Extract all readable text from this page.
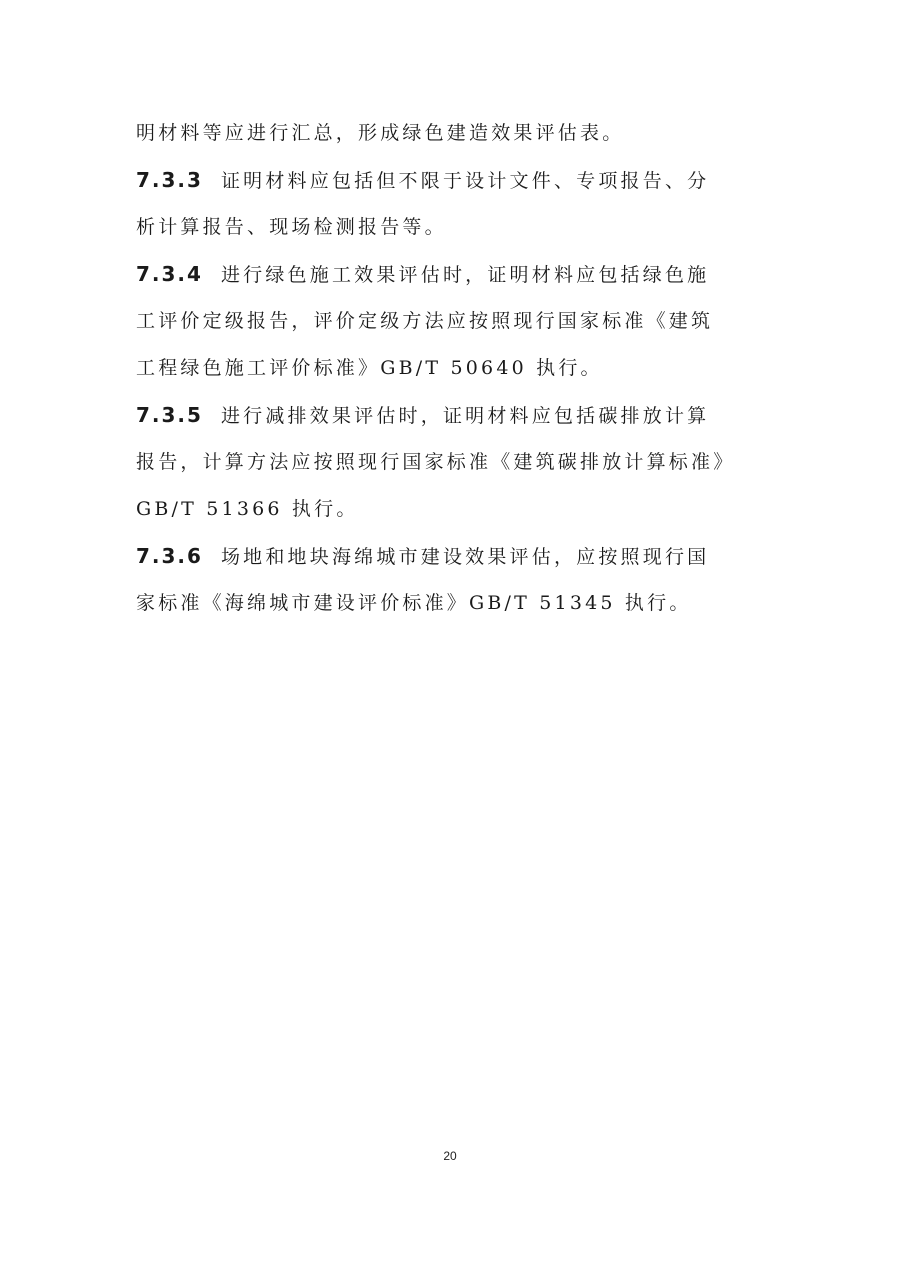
明材料等应进行汇总，形成绿色建造效果评估表。
7.3.3 证明材料应包括但不限于设计文件、专项报告、分
析计算报告、现场检测报告等。
7.3.4 进行绿色施工效果评估时，证明材料应包括绿色施
工评价定级报告，评价定级方法应按照现行国家标准《建筑
工程绿色施工评价标准》GB/T 50640 执行。
7.3.5 进行减排效果评估时，证明材料应包括碳排放计算
报告，计算方法应按照现行国家标准《建筑碳排放计算标准》
GB/T 51366 执行。
7.3.6 场地和地块海绵城市建设效果评估，应按照现行国
家标准《海绵城市建设评价标准》GB/T 51345 执行。
20
